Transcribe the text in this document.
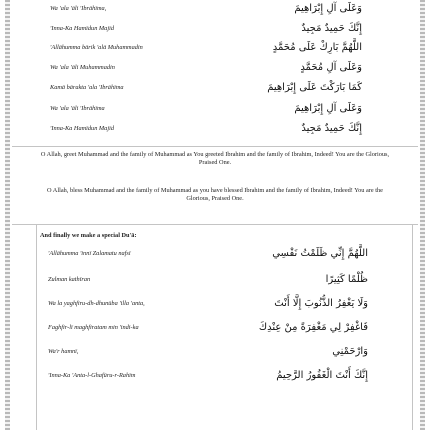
Wa 'ala 'āli 'Ibrāhīma,	وَعَلَى آلِ إِبْرَاهِيمَ
'Inna-Ka Hamīdun Majīd	إِنَّكَ حَمِيدٌ مَجِيدٌ
'Allāhumma bārik 'alā Muhammadin	اللَّهُمَّ بَارِكْ عَلَى مُحَمَّدٍ
Wa 'ala 'āli Muhammadin	وَعَلَى آلِ مُحَمَّدٍ
Kamā bārakta 'ala 'Ibrāhīma	كَمَا بَارَكْتَ عَلَى إِبْرَاهِيمَ
Wa 'ala 'āli 'Ibrāhīma	وَعَلَى آلِ إِبْرَاهِيمَ
'Inna-Ka Hamīdun Majīd	إِنَّكَ حَمِيدٌ مَجِيدٌ
O Allah, greet Muhammad and the family of Muhammad as You greeted Ibrahim and the family of Ibrahim, Indeed! You are the Glorious, Praised One.
O Allah, bless Muhammad and the family of Muhammad as you have blessed Ibrahim and the family of Ibrahim, Indeed! You are the Glorious, Praised One.
And finally we make a special Du'ā:
'Allāhumma 'innī Zalamatu nafsī	اللَّهُمَّ إِنِّي ظَلَمْتُ نَفْسِي
Zulman kathīran	ظُلْمًا كَثِيرًا
Wa la yaghfiru-dh-dhunūba 'illa 'anta,	وَلَا يَغْفِرُ الذُّنُوبَ إِلَّا أَنْتَ
Faghfir-lī maghfiratam min 'indi-ka	فَاغْفِرْ لِي مَغْفِرَةً مِنْ عِنْدِكَ
Wa'r hamnī,	وَارْحَمْنِي
'Inna-Ka 'Anta-l-Ghafūru-r-Rahīm	إِنَّكَ أَنْتَ الْغَفُورُ الرَّحِيمُ
